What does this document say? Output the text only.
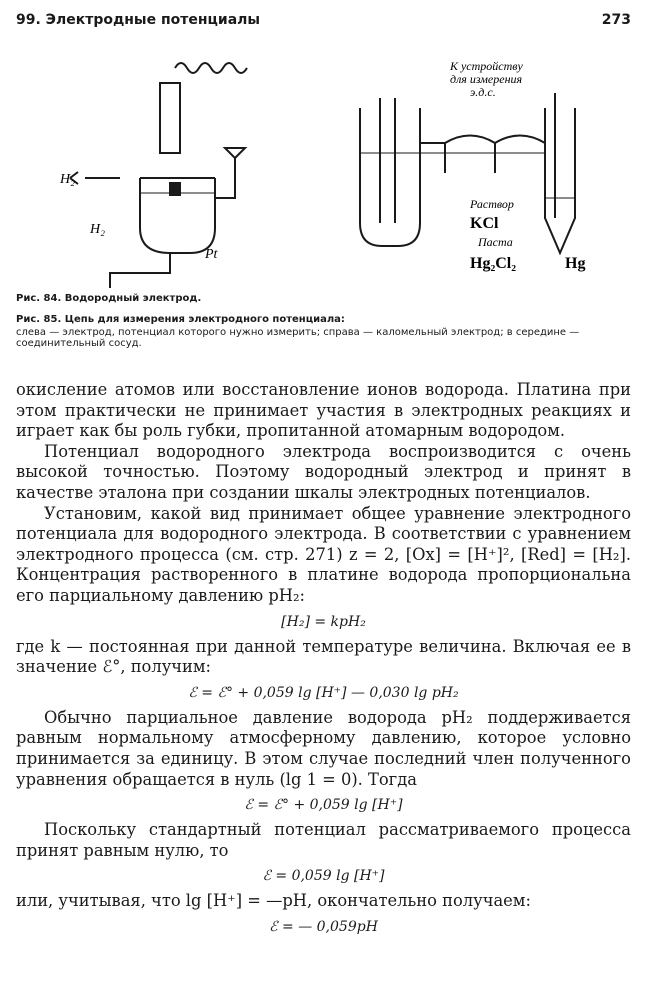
99. Электродные потенциалы	273
H₂
H₂
Pt
К устройству
для измерения
э.д.с.
Раствор
KCl
Паста
Hg₂Cl₂	Hg
Рис. 84. Водородный электрод.
Рис. 85. Цепь для измерения электродного потенциала:
слева — электрод, потенциал которого нужно измерить; справа — каломельный электрод; в середине — соединительный сосуд.

окисление атомов или восстановление ионов водорода. Платина при этом практически не принимает участия в электродных реакциях и играет как бы роль губки, пропитанной атомарным водородом.

Потенциал водородного электрода воспроизводится с очень высокой точностью. Поэтому водородный электрод и принят в качестве эталона при создании шкалы электродных потенциалов.

Установим, какой вид принимает общее уравнение электродного потенциала для водородного электрода. В соответствии с уравнением электродного процесса (см. стр. 271) z = 2, [Ox] = [H⁺]², [Red] = [H₂]. Концентрация растворенного в платине водорода пропорциональна его парциальному давлению pH₂:

[H₂] = kpH₂

где k — постоянная при данной температуре величина. Включая ее в значение ℰ°, получим:

ℰ = ℰ° + 0,059 lg [H⁺] — 0,030 lg pH₂

Обычно парциальное давление водорода pH₂ поддерживается равным нормальному атмосферному давлению, которое условно принимается за единицу. В этом случае последний член полученного уравнения обращается в нуль (lg 1 = 0). Тогда

ℰ = ℰ° + 0,059 lg [H⁺]

Поскольку стандартный потенциал рассматриваемого процесса принят равным нулю, то

ℰ = 0,059 lg [H⁺]

или, учитывая, что lg [H⁺] = —pH, окончательно получаем:

ℰ = — 0,059pH
